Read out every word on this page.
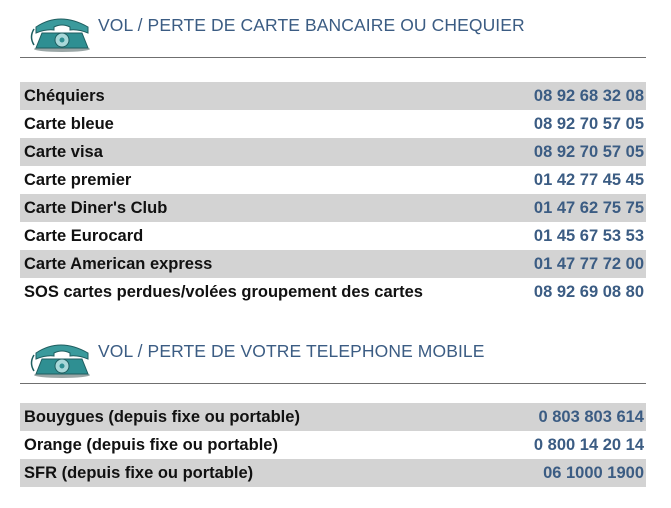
VOL / PERTE DE CARTE BANCAIRE OU CHEQUIER
Chéquiers	08 92 68 32 08
Carte bleue	08 92 70 57 05
Carte visa	08 92 70 57 05
Carte premier	01 42 77 45 45
Carte Diner's Club	01 47 62 75 75
Carte Eurocard	01 45 67 53 53
Carte American express	01 47 77 72 00
SOS cartes perdues/volées groupement des cartes	08 92 69 08 80
VOL / PERTE DE VOTRE TELEPHONE MOBILE
Bouygues (depuis fixe ou portable)	0 803 803 614
Orange (depuis fixe ou portable)	0 800 14 20 14
SFR (depuis fixe ou portable)	06 1000 1900
